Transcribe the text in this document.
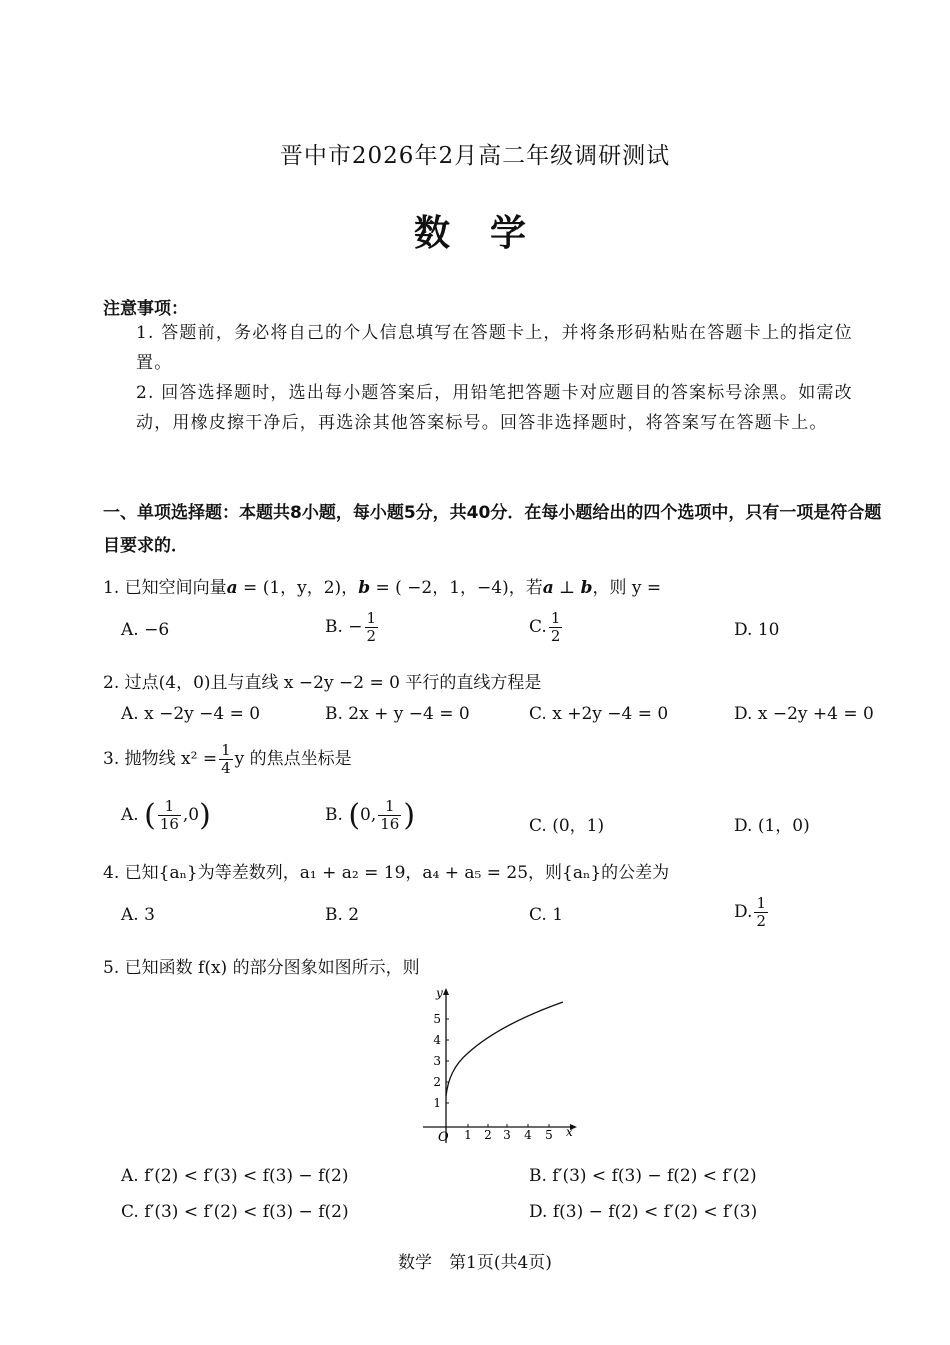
晋中市2026年2月高二年级调研测试
数学
注意事项：
1. 答题前，务必将自己的个人信息填写在答题卡上，并将条形码粘贴在答题卡上的指定位置。
2. 回答选择题时，选出每小题答案后，用铅笔把答题卡对应题目的答案标号涂黑。如需改动，用橡皮擦干净后，再选涂其他答案标号。回答非选择题时，将答案写在答题卡上。
一、单项选择题：本题共8小题，每小题5分，共40分．在每小题给出的四个选项中，只有一项是符合题目要求的．
1. 已知空间向量a = (1，y，2)，b = ( −2，1，−4)，若a ⊥ b，则 y =
A. −6	B. − $\frac{1}{2}$	C. $\frac{1}{2}$	D. 10
2. 过点(4，0)且与直线 x −2y −2 = 0 平行的直线方程是
A. x −2y −4 = 0	B. 2x + y −4 = 0	C. x +2y −4 = 0	D. x −2y +4 = 0
3. 抛物线 $x^2 = \frac{1}{4}$ y 的焦点坐标是
A. ( $\frac{1}{16} ,0$)	B. (0, $\frac{1}{16}$ )	C. (0，1)	D. (1，0)
4. 已知{aₙ}为等差数列，a₁ + a₂ = 19，a₄ + a₅ = 25，则{aₙ}的公差为
A. 3	B. 2	C. 1	D. $\frac{1}{2}$
5. 已知函数 f(x) 的部分图象如图所示，则
1 2 3 4 5
1
2
3
4
5
O	x
y
A. f′(2) < f′(3) < f(3) − f(2)	B. f′(3) < f(3) − f(2) < f′(2)
C. f′(3) < f′(2) < f(3) − f(2)	D. f(3) − f(2) < f′(2) < f′(3)
数学　第1页(共4页)
